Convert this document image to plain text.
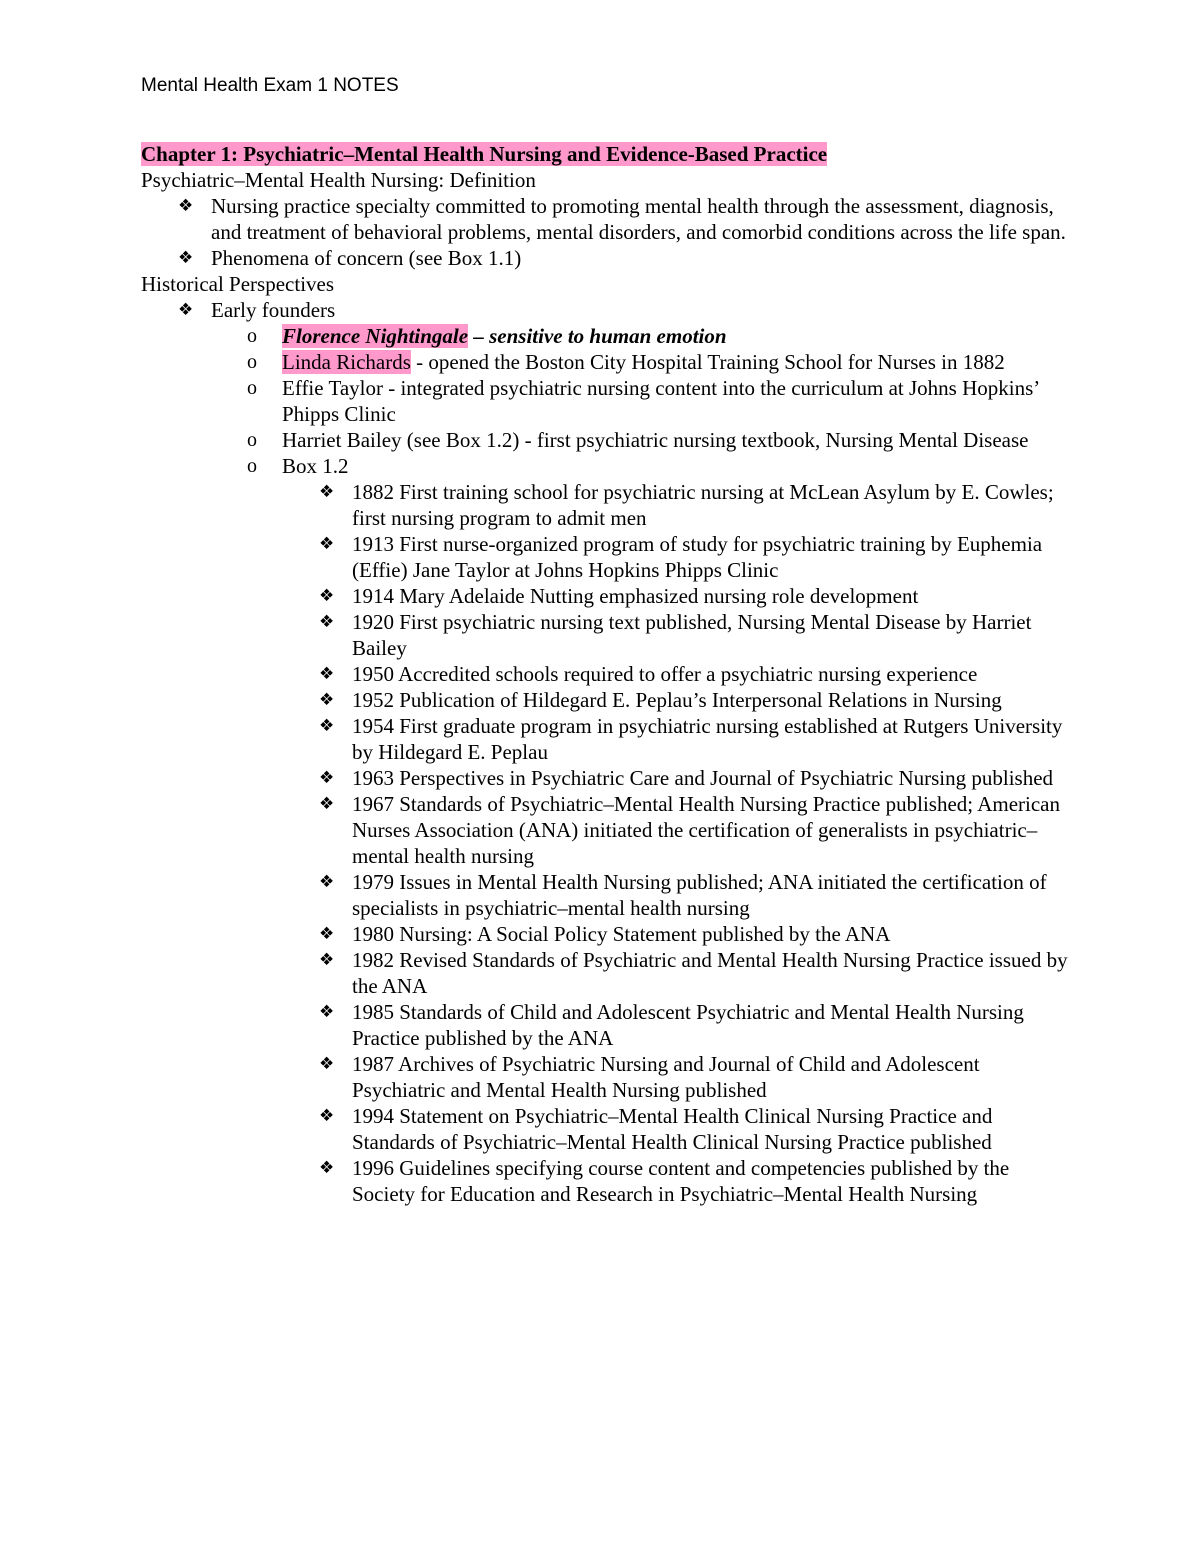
Mental Health Exam 1 NOTES

Chapter 1: Psychiatric–Mental Health Nursing and Evidence-Based Practice

Psychiatric–Mental Health Nursing: Definition

❖ Nursing practice specialty committed to promoting mental health through the assessment, diagnosis, and treatment of behavioral problems, mental disorders, and comorbid conditions across the life span.
❖ Phenomena of concern (see Box 1.1)

Historical Perspectives

❖ Early founders
o Florence Nightingale – sensitive to human emotion
o Linda Richards - opened the Boston City Hospital Training School for Nurses in 1882
o Effie Taylor - integrated psychiatric nursing content into the curriculum at Johns Hopkins’ Phipps Clinic
o Harriet Bailey (see Box 1.2) - first psychiatric nursing textbook, Nursing Mental Disease
o Box 1.2
❖ 1882 First training school for psychiatric nursing at McLean Asylum by E. Cowles; first nursing program to admit men
❖ 1913 First nurse-organized program of study for psychiatric training by Euphemia (Effie) Jane Taylor at Johns Hopkins Phipps Clinic
❖ 1914 Mary Adelaide Nutting emphasized nursing role development
❖ 1920 First psychiatric nursing text published, Nursing Mental Disease by Harriet Bailey
❖ 1950 Accredited schools required to offer a psychiatric nursing experience
❖ 1952 Publication of Hildegard E. Peplau’s Interpersonal Relations in Nursing
❖ 1954 First graduate program in psychiatric nursing established at Rutgers University by Hildegard E. Peplau
❖ 1963 Perspectives in Psychiatric Care and Journal of Psychiatric Nursing published
❖ 1967 Standards of Psychiatric–Mental Health Nursing Practice published; American Nurses Association (ANA) initiated the certification of generalists in psychiatric–mental health nursing
❖ 1979 Issues in Mental Health Nursing published; ANA initiated the certification of specialists in psychiatric–mental health nursing
❖ 1980 Nursing: A Social Policy Statement published by the ANA
❖ 1982 Revised Standards of Psychiatric and Mental Health Nursing Practice issued by the ANA
❖ 1985 Standards of Child and Adolescent Psychiatric and Mental Health Nursing Practice published by the ANA
❖ 1987 Archives of Psychiatric Nursing and Journal of Child and Adolescent Psychiatric and Mental Health Nursing published
❖ 1994 Statement on Psychiatric–Mental Health Clinical Nursing Practice and Standards of Psychiatric–Mental Health Clinical Nursing Practice published
❖ 1996 Guidelines specifying course content and competencies published by the Society for Education and Research in Psychiatric–Mental Health Nursing
